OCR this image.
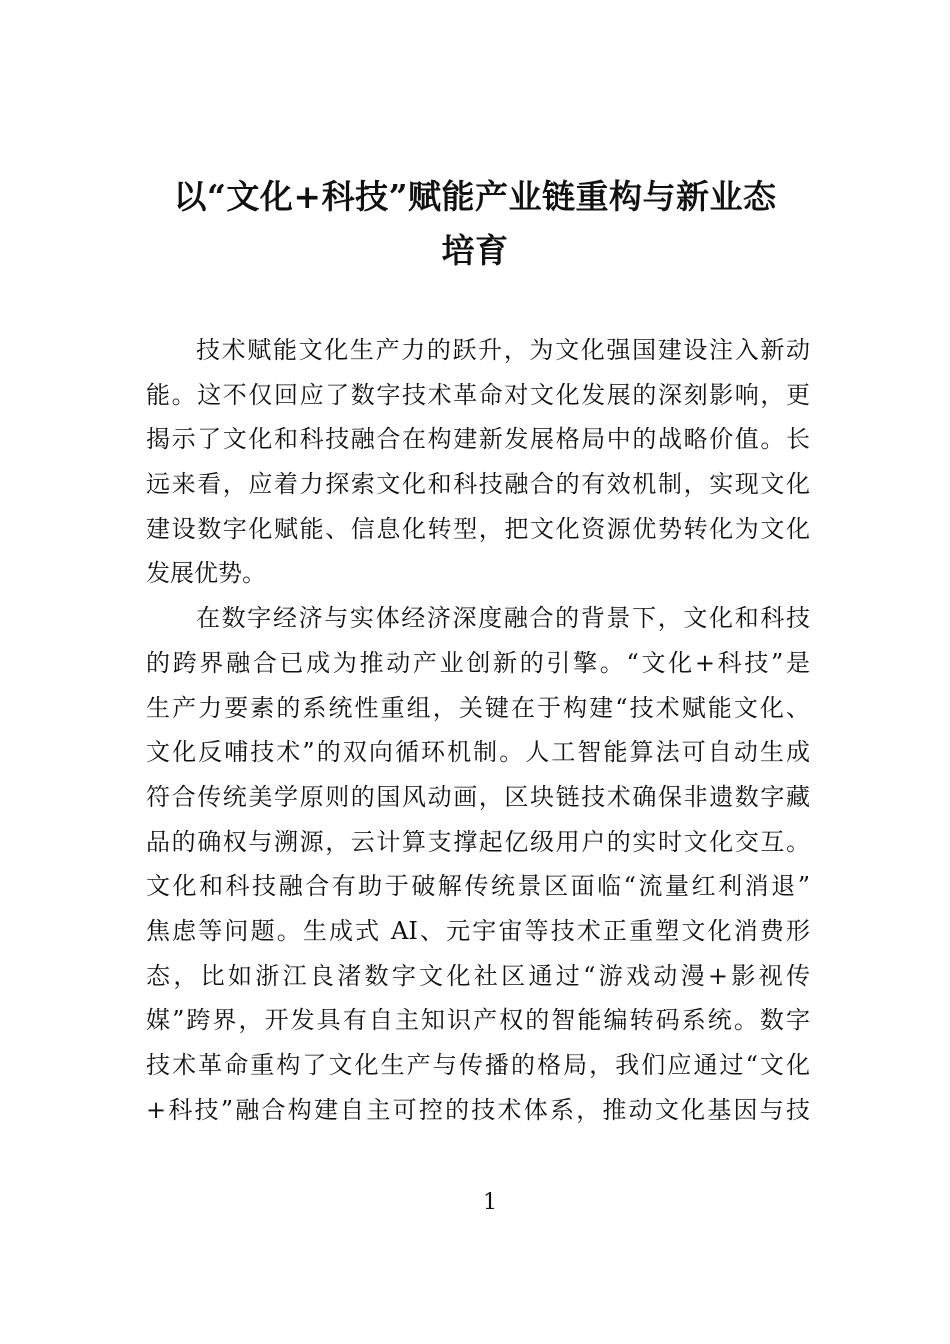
以“文化+科技”赋能产业链重构与新业态
培育
技术赋能文化生产力的跃升，为文化强国建设注入新动
能。这不仅回应了数字技术革命对文化发展的深刻影响，更
揭示了文化和科技融合在构建新发展格局中的战略价值。长
远来看，应着力探索文化和科技融合的有效机制，实现文化
建设数字化赋能、信息化转型，把文化资源优势转化为文化
发展优势。
在数字经济与实体经济深度融合的背景下，文化和科技
的跨界融合已成为推动产业创新的引擎。“文化+科技”是
生产力要素的系统性重组，关键在于构建“技术赋能文化、
文化反哺技术”的双向循环机制。人工智能算法可自动生成
符合传统美学原则的国风动画，区块链技术确保非遗数字藏
品的确权与溯源，云计算支撑起亿级用户的实时文化交互。
文化和科技融合有助于破解传统景区面临“流量红利消退”
焦虑等问题。生成式 AI、元宇宙等技术正重塑文化消费形
态，比如浙江良渚数字文化社区通过“游戏动漫+影视传
媒”跨界，开发具有自主知识产权的智能编转码系统。数字
技术革命重构了文化生产与传播的格局，我们应通过“文化
+科技”融合构建自主可控的技术体系，推动文化基因与技
1
